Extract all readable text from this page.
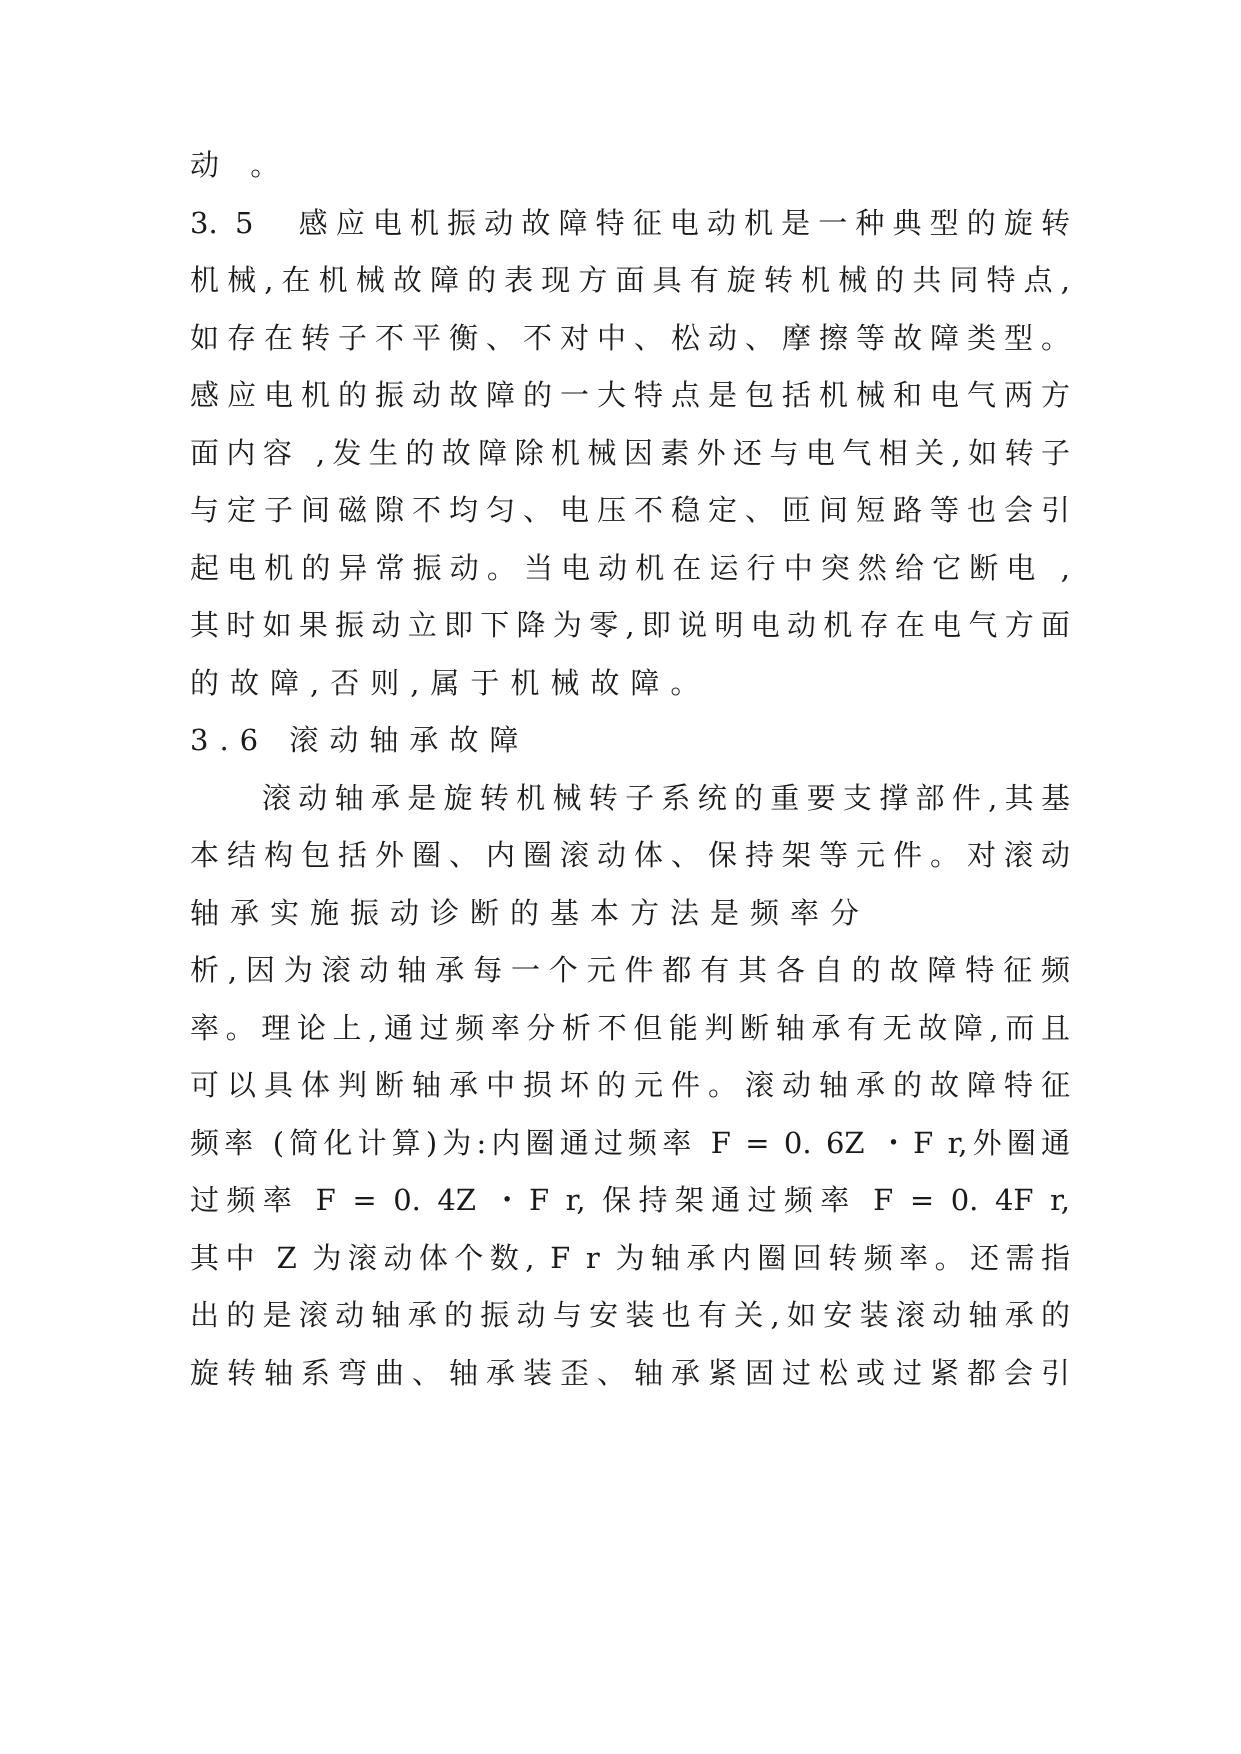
动 。
3. 5　感应电机振动故障特征电动机是一种典型的旋转
机械,在机械故障的表现方面具有旋转机械的共同特点,
如存在转子不平衡、不对中、松动、摩擦等故障类型。
感应电机的振动故障的一大特点是包括机械和电气两方
面内容 ,发生的故障除机械因素外还与电气相关,如转子
与定子间磁隙不均匀、电压不稳定、匝间短路等也会引
起电机的异常振动。当电动机在运行中突然给它断电 ,
其时如果振动立即下降为零,即说明电动机存在电气方面
的故障,否则,属于机械故障。
3.6 滚动轴承故障
滚动轴承是旋转机械转子系统的重要支撑部件,其基
本结构包括外圈、内圈滚动体、保持架等元件。对滚动
轴承实施振动诊断的基本方法是频率分
析,因为滚动轴承每一个元件都有其各自的故障特征频
率。理论上,通过频率分析不但能判断轴承有无故障,而且
可以具体判断轴承中损坏的元件。滚动轴承的故障特征
频率 (简化计算)为:内圈通过频率 F = 0. 6Z ・F r,外圈通
过频率 F = 0. 4Z ・F r, 保持架通过频率 F = 0. 4F r,
其中 Z 为滚动体个数, F r 为轴承内圈回转频率。还需指
出的是滚动轴承的振动与安装也有关,如安装滚动轴承的
旋转轴系弯曲、轴承装歪、轴承紧固过松或过紧都会引
